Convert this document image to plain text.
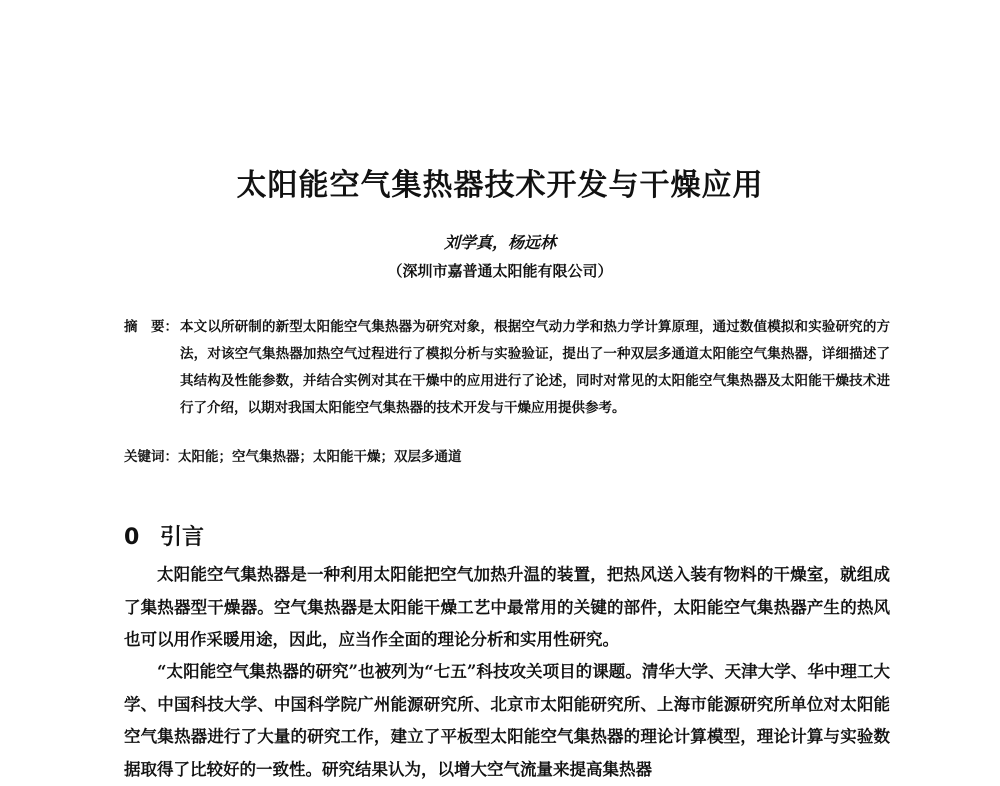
太阳能空气集热器技术开发与干燥应用
刘学真，杨远林
（深圳市嘉普通太阳能有限公司）
摘　要： 本文以所研制的新型太阳能空气集热器为研究对象，根据空气动力学和热力学计算原理，通过数值模拟和实验研究的方法，对该空气集热器加热空气过程进行了模拟分析与实验验证，提出了一种双层多通道太阳能空气集热器，详细描述了其结构及性能参数，并结合实例对其在干燥中的应用进行了论述，同时对常见的太阳能空气集热器及太阳能干燥技术进行了介绍，以期对我国太阳能空气集热器的技术开发与干燥应用提供参考。
关键词：太阳能；空气集热器；太阳能干燥；双层多通道
0 引言
太阳能空气集热器是一种利用太阳能把空气加热升温的装置，把热风送入装有物料的干燥室，就组成了集热器型干燥器。空气集热器是太阳能干燥工艺中最常用的关键的部件，太阳能空气集热器产生的热风也可以用作采暖用途，因此，应当作全面的理论分析和实用性研究。
“太阳能空气集热器的研究”也被列为“七五”科技攻关项目的课题。清华大学、天津大学、华中理工大学、中国科技大学、中国科学院广州能源研究所、北京市太阳能研究所、上海市能源研究所单位对太阳能空气集热器进行了大量的研究工作，建立了平板型太阳能空气集热器的理论计算模型，理论计算与实验数据取得了比较好的一致性。研究结果认为，以增大空气流量来提高集热器
